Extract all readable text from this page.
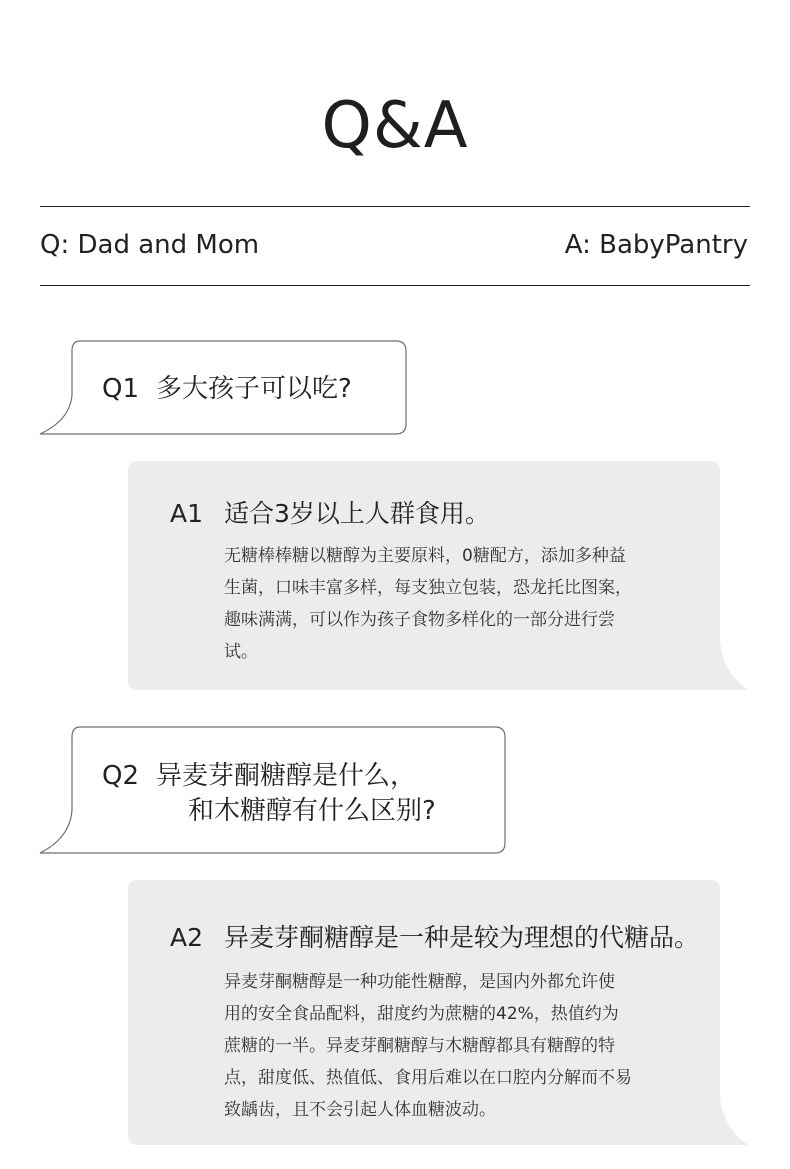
Q&A
Q: Dad and Mom	A: BabyPantry
Q1 多大孩子可以吃?
A1 适合3岁以上人群食用。
无糖棒棒糖以糖醇为主要原料，0糖配方，添加多种益
生菌，口味丰富多样，每支独立包装，恐龙托比图案，
趣味满满，可以作为孩子食物多样化的一部分进行尝
试。
Q2 异麦芽酮糖醇是什么，
和木糖醇有什么区别?
A2 异麦芽酮糖醇是一种是较为理想的代糖品。
异麦芽酮糖醇是一种功能性糖醇，是国内外都允许使
用的安全食品配料，甜度约为蔗糖的42%，热值约为
蔗糖的一半。异麦芽酮糖醇与木糖醇都具有糖醇的特
点，甜度低、热值低、食用后难以在口腔内分解而不易
致龋齿，且不会引起人体血糖波动。
